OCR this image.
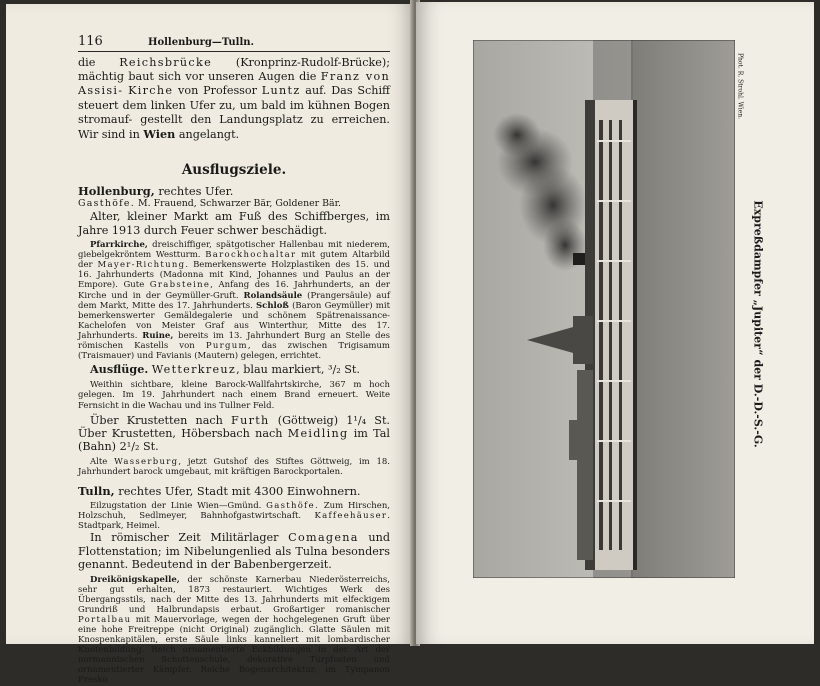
116	Hollenburg—Tulln.

die Reichsbrücke (Kronprinz-Rudolf-Brücke); mächtig baut sich vor unseren Augen die Franz von Assisi- Kirche von Professor Luntz auf. Das Schiff steuert dem linken Ufer zu, um bald im kühnen Bogen stromauf- gestellt den Landungsplatz zu erreichen. Wir sind in Wien angelangt.

Ausflugsziele.
Hollenburg, rechtes Ufer.

Gasthöfe. M. Frauend, Schwarzer Bär, Goldener Bär.

Alter, kleiner Markt am Fuß des Schiffberges, im Jahre 1913 durch Feuer schwer beschädigt.

Pfarrkirche, dreischiffiger, spätgotischer Hallenbau mit niederem, giebelgekröntem Westturm. Barockhochaltar mit gutem Altarbild der Mayer-Richtung. Bemerkenswerte Holzplastiken des 15. und 16. Jahrhunderts (Madonna mit Kind, Johannes und Paulus an der Empore). Gute Grabsteine, Anfang des 16. Jahrhunderts, an der Kirche und in der Geymüller-Gruft. Rolandsäule (Prangersäule) auf dem Markt, Mitte des 17. Jahrhunderts. Schloß (Baron Geymüller) mit bemerkenswerter Gemäldegalerie und schönem Spätrenaissance-Kachelofen von Meister Graf aus Winterthur, Mitte des 17. Jahrhunderts. Ruine, bereits im 13. Jahrhundert Burg an Stelle des römischen Kastells von Purgum, das zwischen Trigisamum (Traismauer) und Favianis (Mautern) gelegen, errichtet.

Ausflüge. Wetterkreuz, blau markiert, ³/₂ St.

Weithin sichtbare, kleine Barock-Wallfahrtskirche, 367 m hoch gelegen. Im 19. Jahrhundert nach einem Brand erneuert. Weite Fernsicht in die Wachau und ins Tullner Feld.

Über Krustetten nach Furth (Göttweig) 1¹/₄ St. Über Krustetten, Höbersbach nach Meidling im Tal (Bahn) 2¹/₂ St.

Alte Wasserburg, jetzt Gutshof des Stiftes Göttweig, im 18. Jahrhundert barock umgebaut, mit kräftigen Barockportalen.

Tulln, rechtes Ufer, Stadt mit 4300 Einwohnern.

Eilzugstation der Linie Wien—Gmünd. Gasthöfe. Zum Hirschen, Holzschuh, Sedlmeyer, Bahnhofgastwirtschaft. Kaffeehäuser. Stadtpark, Heimel.

In römischer Zeit Militärlager Comagena und Flottenstation; im Nibelungenlied als Tulna besonders genannt. Bedeutend in der Babenbergerzeit.

Dreikönigskapelle, der schönste Karnerbau Niederösterreichs, sehr gut erhalten, 1873 restauriert. Wichtiges Werk des Übergangsstils, nach der Mitte des 13. Jahrhunderts mit elfeckigem Grundriß und Halbrundapsis erbaut. Großartiger romanischer Portalbau mit Mauervorlage, wegen der hochgelegenen Gruft über eine hohe Freitreppe (nicht Original) zugänglich. Glatte Säulen mit Knospenkapitälen, erste Säule links kanneliert mit lombardischer Knotenbildung. Reich ornamentierte Eckbildungen in der Art der normannischen Schottenschule, dekorative Türpfosten und ornamentierter Kämpfer. Reiche Bogenarchitektur, im Tympanon Fresko

Phot. R. Strohl. Wien.
Expreßdampfer „Jupiter“ der D.-D.-S.-G.
